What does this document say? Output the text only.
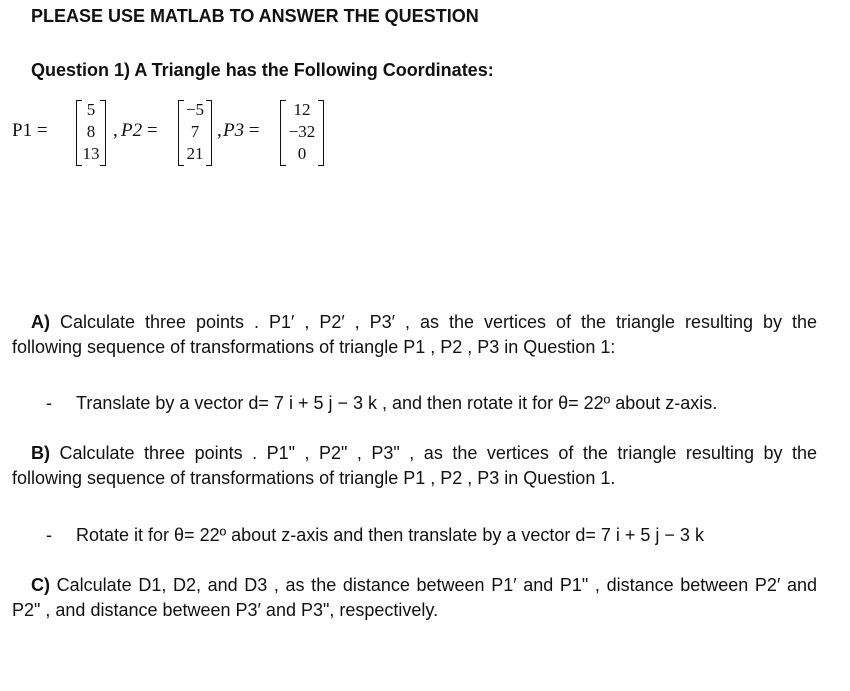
PLEASE USE MATLAB TO ANSWER THE QUESTION
Question 1) A Triangle has the Following Coordinates:
P1 =
5
8
13
, P2 =
−5
7
21
, P3 =
12
−32
0
A) Calculate three points . P1′ , P2′ , P3′ , as the vertices of the triangle resulting by the
following sequence of transformations of triangle P1 , P2 , P3 in Question 1:
- Translate by a vector d= 7 i + 5 j − 3 k , and then rotate it for θ= 22º about z-axis.
B) Calculate three points . P1" , P2" , P3" , as the vertices of the triangle resulting by the
following sequence of transformations of triangle P1 , P2 , P3 in Question 1.
- Rotate it for θ= 22º about z-axis and then translate by a vector d= 7 i + 5 j − 3 k
C) Calculate D1, D2, and D3 , as the distance between P1′ and P1" , distance between P2′ and
P2" , and distance between P3′ and P3", respectively.
